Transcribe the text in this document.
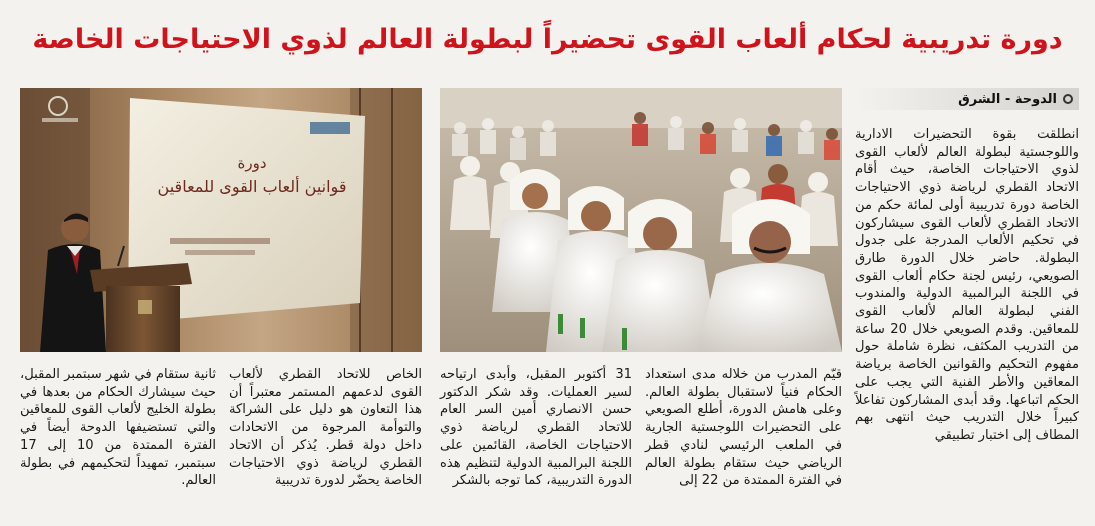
دورة تدريبية لحكام ألعاب القوى تحضيراً لبطولة العالم لذوي الاحتياجات الخاصة
دورة
قوانين ألعاب القوى للمعاقين
الدوحة - الشرق

انطلقت بقوة التحضيرات الادارية واللوجستية لبطولة العالم لألعاب القوى لذوي الاحتياجات الخاصة، حيث أقام الاتحاد القطري لرياضة ذوي الاحتياجات الخاصة دورة تدريبية أولى لمائة حكم من الاتحاد القطري لألعاب القوى سيشاركون في تحكيم الألعاب المدرجة على جدول البطولة. حاضر خلال الدورة طارق الصويعي، رئيس لجنة حكام ألعاب القوى في اللجنة البرالمبية الدولية والمندوب الفني لبطولة العالم لألعاب القوى للمعاقين. وقدم الصويعي خلال 20 ساعة من التدريب المكثف، نظرة شاملة حول مفهوم التحكيم والقوانين الخاصة برياضة المعاقين والأطر الفنية التي يجب على الحكم اتباعها. وقد أبدى المشاركون تفاعلاً كبيراً خلال التدريب حيث انتهى بهم المطاف إلى اختبار تطبيقي

قيّم المدرب من خلاله مدى استعداد الحكام فنياً لاستقبال بطولة العالم. وعلى هامش الدورة، أطلع الصويعي على التحضيرات اللوجستية الجارية في الملعب الرئيسي لنادي قطر الرياضي حيث ستقام بطولة العالم في الفترة الممتدة من 22 إلى

31 أكتوبر المقبل، وأبدى ارتياحه لسير العمليات. وقد شكر الدكتور حسن الانصاري أمين السر العام للاتحاد القطري لرياضة ذوي الاحتياجات الخاصة، القائمين على اللجنة البرالمبية الدولية لتنظيم هذه الدورة التدريبية، كما توجه بالشكر

الخاص للاتحاد القطري لألعاب القوى لدعمهم المستمر معتبراً أن هذا التعاون هو دليل على الشراكة والتوأمة المرجوة من الاتحادات داخل دولة قطر. يُذكر أن الاتحاد القطري لرياضة ذوي الاحتياجات الخاصة يحضّر لدورة تدريبية

ثانية ستقام في شهر سبتمبر المقبل، حيث سيشارك الحكام من بعدها في بطولة الخليج لألعاب القوى للمعاقين والتي تستضيفها الدوحة أيضاً في الفترة الممتدة من 10 إلى 17 سبتمبر، تمهيداً لتحكيمهم في بطولة العالم.
